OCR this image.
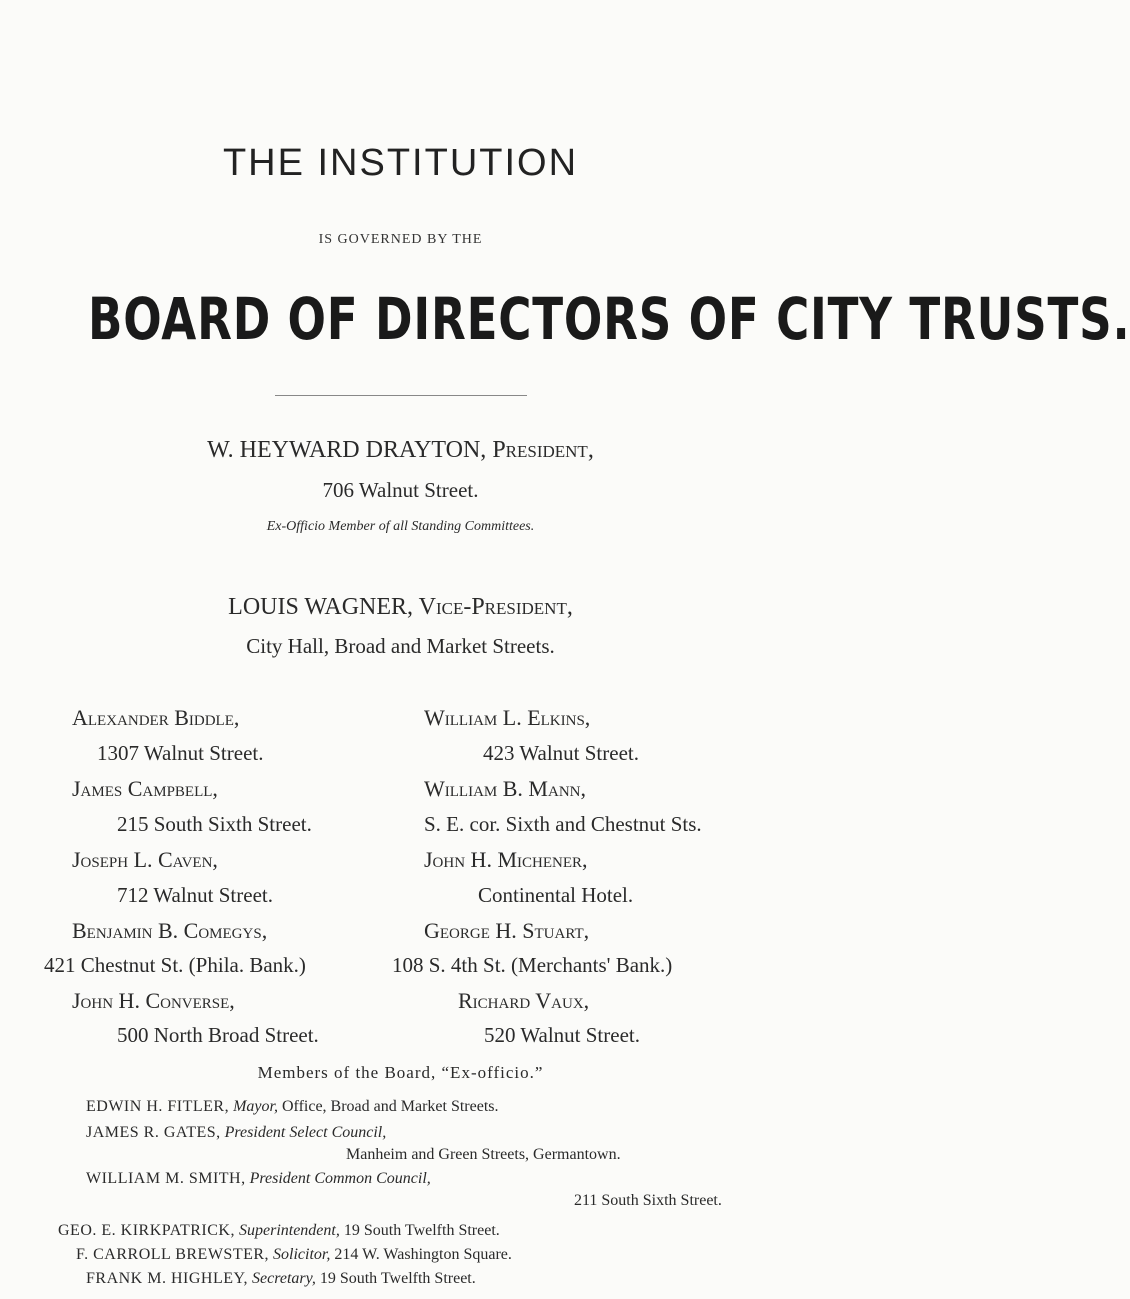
THE INSTITUTION
IS GOVERNED BY THE
BOARD OF DIRECTORS OF CITY TRUSTS.
W. HEYWARD DRAYTON, President,
706 Walnut Street.
Ex-Officio Member of all Standing Committees.
LOUIS WAGNER, Vice-President,
City Hall, Broad and Market Streets.
Alexander Biddle,
1307 Walnut Street.
William L. Elkins,
423 Walnut Street.
James Campbell,
215 South Sixth Street.
William B. Mann,
S. E. cor. Sixth and Chestnut Sts.
Joseph L. Caven,
712 Walnut Street.
John H. Michener,
Continental Hotel.
Benjamin B. Comegys,
421 Chestnut St. (Phila. Bank.)
George H. Stuart,
108 S. 4th St. (Merchants' Bank.)
John H. Converse,
500 North Broad Street.
Richard Vaux,
520 Walnut Street.
Members of the Board, “Ex-officio.”
EDWIN H. FITLER, Mayor, Office, Broad and Market Streets.
JAMES R. GATES, President Select Council,
Manheim and Green Streets, Germantown.
WILLIAM M. SMITH, President Common Council,
211 South Sixth Street.
GEO. E. KIRKPATRICK, Superintendent, 19 South Twelfth Street.
F. CARROLL BREWSTER, Solicitor, 214 W. Washington Square.
FRANK M. HIGHLEY, Secretary, 19 South Twelfth Street.
